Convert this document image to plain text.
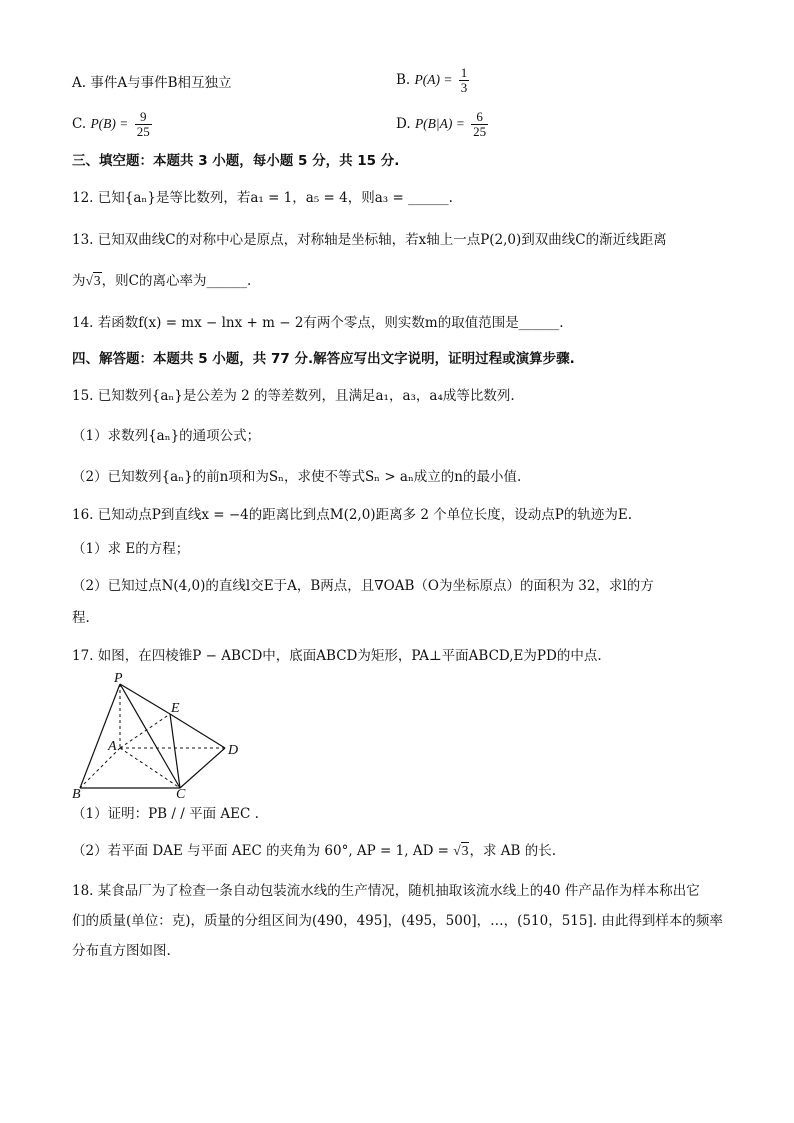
A. 事件A与事件B相互独立	B. $P(A) = \frac{1}{3}$
C. $P(B) = \frac{9}{25}$	D. $P(B|A) = \frac{6}{25}$
三、填空题：本题共 3 小题，每小题 5 分，共 15 分.
12. 已知{aₙ}是等比数列，若a₁ = 1，a₅ = 4，则a₃ = ______.
13. 已知双曲线C的对称中心是原点，对称轴是坐标轴，若x轴上一点P(2,0)到双曲线C的渐近线距离
为√3，则C的离心率为______.
14. 若函数f(x) = mx − lnx + m − 2有两个零点，则实数m的取值范围是______.
四、解答题：本题共 5 小题，共 77 分.解答应写出文字说明，证明过程或演算步骤.
15. 已知数列{aₙ}是公差为 2 的等差数列，且满足a₁，a₃，a₄成等比数列.
（1）求数列{aₙ}的通项公式；
（2）已知数列{aₙ}的前n项和为Sₙ，求使不等式Sₙ > aₙ成立的n的最小值.
16. 已知动点P到直线x = −4的距离比到点M(2,0)距离多 2 个单位长度，设动点P的轨迹为E.
（1）求 E的方程；
（2）已知过点N(4,0)的直线l交E于A，B两点，且∇OAB（O为坐标原点）的面积为 32，求l的方
程.
17. 如图，在四棱锥P − ABCD中，底面ABCD为矩形，PA⊥平面ABCD,E为PD的中点.
P
E
A	D
B	C
（1）证明：PB / / 平面 AEC .
（2）若平面 DAE 与平面 AEC 的夹角为 60°, AP = 1, AD = √3，求 AB 的长.
18. 某食品厂为了检查一条自动包装流水线的生产情况，随机抽取该流水线上的40 件产品作为样本称出它
们的质量(单位：克)，质量的分组区间为(490，495]，(495，500]，…，(510，515]. 由此得到样本的频率
分布直方图如图.
